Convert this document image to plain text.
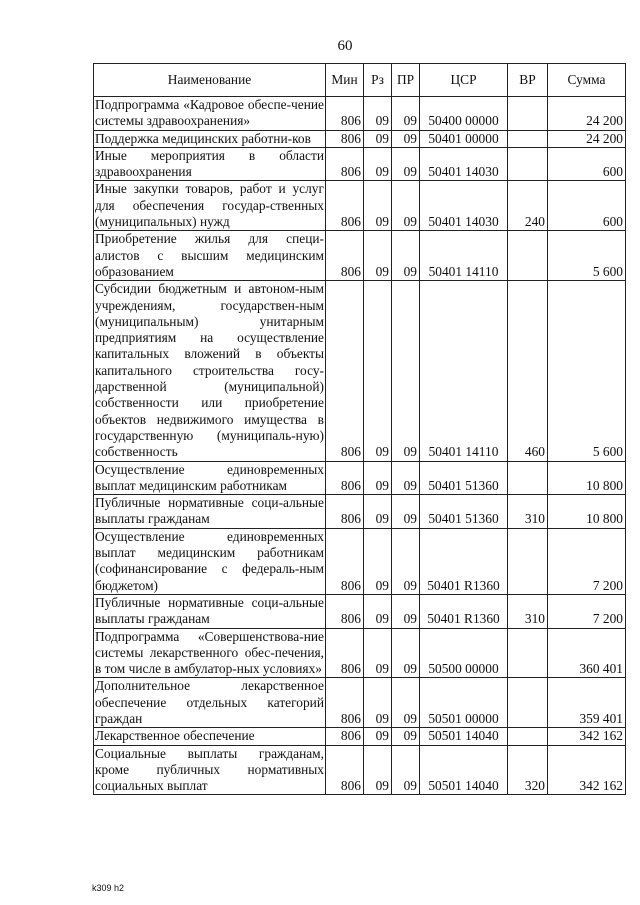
60
Наименование	Мин	Рз	ПР	ЦСР	ВР	Сумма
Подпрограмма «Кадровое обеспе-чение системы здравоохранения»	806	09	09	50400 00000		24 200
Поддержка медицинских работни-ков	806	09	09	50401 00000		24 200
Иные мероприятия в области здравоохранения	806	09	09	50401 14030		600
Иные закупки товаров, работ и услуг для обеспечения государ-ственных (муниципальных) нужд	806	09	09	50401 14030	240	600
Приобретение жилья для специ-алистов с высшим медицинским образованием	806	09	09	50401 14110		5 600
Субсидии бюджетным и автоном-ным учреждениям, государствен-ным (муниципальным) унитарным предприятиям на осуществление капитальных вложений в объекты капитального строительства госу-дарственной (муниципальной) собственности или приобретение объектов недвижимого имущества в государственную (муниципаль-ную) собственность	806	09	09	50401 14110	460	5 600
Осуществление единовременных выплат медицинским работникам	806	09	09	50401 51360		10 800
Публичные нормативные соци-альные выплаты гражданам	806	09	09	50401 51360	310	10 800
Осуществление единовременных выплат медицинским работникам (софинансирование с федераль-ным бюджетом)	806	09	09	50401 R1360		7 200
Публичные нормативные соци-альные выплаты гражданам	806	09	09	50401 R1360	310	7 200
Подпрограмма «Совершенствова-ние системы лекарственного обес-печения, в том числе в амбулатор-ных условиях»	806	09	09	50500 00000		360 401
Дополнительное лекарственное обеспечение отдельных категорий граждан	806	09	09	50501 00000		359 401
Лекарственное обеспечение	806	09	09	50501 14040		342 162
Социальные выплаты гражданам, кроме публичных нормативных социальных выплат	806	09	09	50501 14040	320	342 162
k309 h2
